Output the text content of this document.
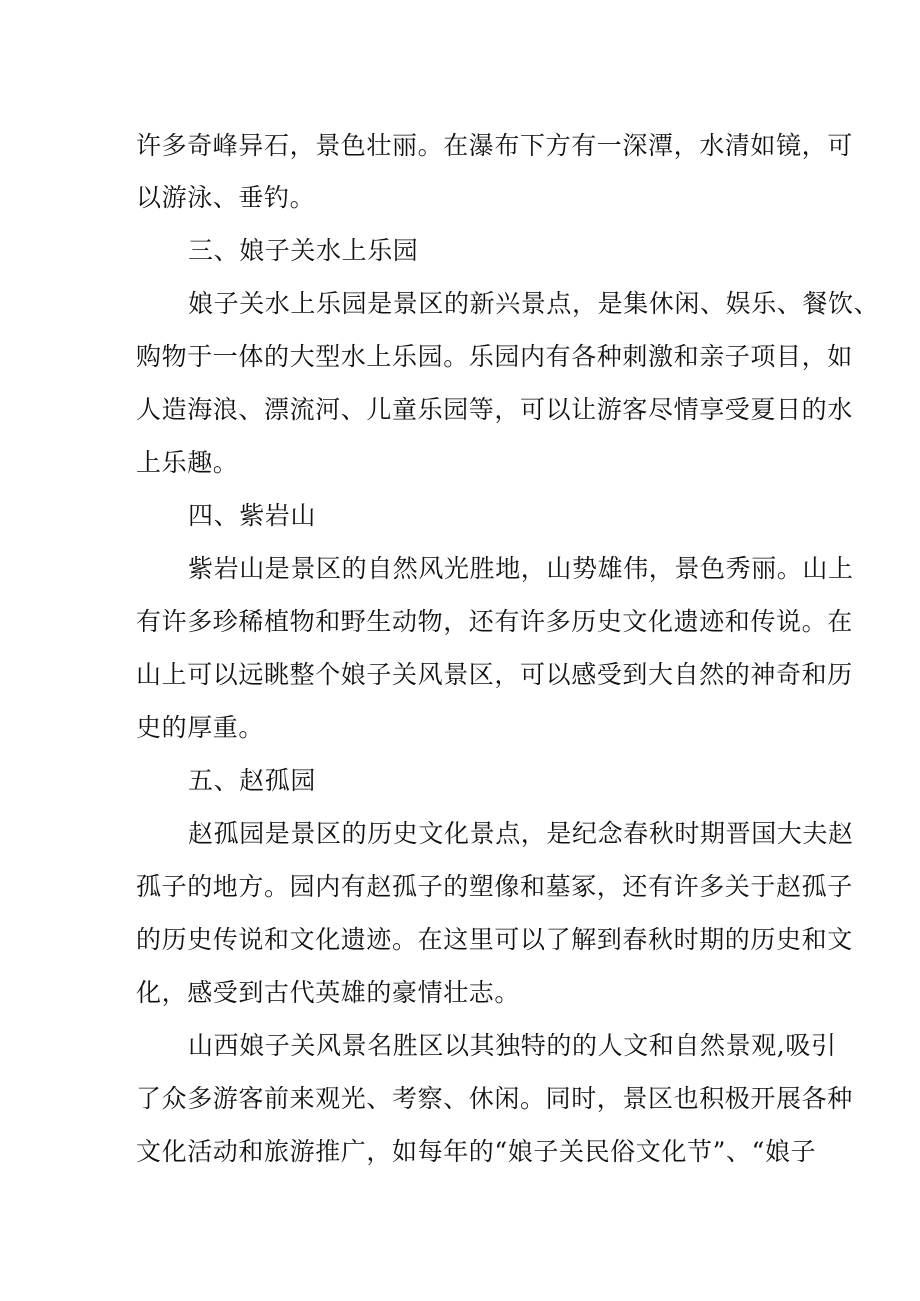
许多奇峰异石，景色壮丽。在瀑布下方有一深潭，水清如镜，可
以游泳、垂钓。
三、娘子关水上乐园
娘子关水上乐园是景区的新兴景点，是集休闲、娱乐、餐饮、
购物于一体的大型水上乐园。乐园内有各种刺激和亲子项目，如
人造海浪、漂流河、儿童乐园等，可以让游客尽情享受夏日的水
上乐趣。
四、紫岩山
紫岩山是景区的自然风光胜地，山势雄伟，景色秀丽。山上
有许多珍稀植物和野生动物，还有许多历史文化遗迹和传说。在
山上可以远眺整个娘子关风景区，可以感受到大自然的神奇和历
史的厚重。
五、赵孤园
赵孤园是景区的历史文化景点，是纪念春秋时期晋国大夫赵
孤子的地方。园内有赵孤子的塑像和墓冢，还有许多关于赵孤子
的历史传说和文化遗迹。在这里可以了解到春秋时期的历史和文
化，感受到古代英雄的豪情壮志。
山西娘子关风景名胜区以其独特的的人文和自然景观,吸引
了众多游客前来观光、考察、休闲。同时，景区也积极开展各种
文化活动和旅游推广，如每年的“娘子关民俗文化节”、“娘子
